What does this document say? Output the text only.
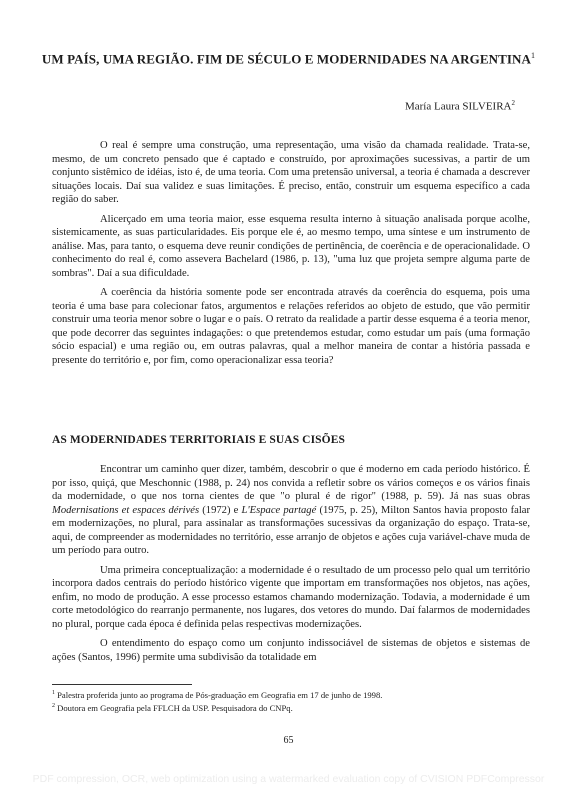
UM PAÍS, UMA REGIÃO. FIM DE SÉCULO E MODERNIDADES NA ARGENTINA$^1$
María Laura SILVEIRA$^2$

O real é sempre uma construção, uma representação, uma visão da chamada realidade. Trata-se, mesmo, de um concreto pensado que é captado e construído, por aproximações sucessivas, a partir de um conjunto sistêmico de idéias, isto é, de uma teoria. Com uma pretensão universal, a teoria é chamada a descrever situações locais. Daí sua validez e suas limitações. É preciso, então, construir um esquema específico a cada região do saber.

Alicerçado em uma teoria maior, esse esquema resulta interno à situação analisada porque acolhe, sistemicamente, as suas particularidades. Eis porque ele é, ao mesmo tempo, uma síntese e um instrumento de análise. Mas, para tanto, o esquema deve reunir condições de pertinência, de coerência e de operacionalidade. O conhecimento do real é, como assevera Bachelard (1986, p. 13), "uma luz que projeta sempre alguma parte de sombras". Daí a sua dificuldade.

A coerência da história somente pode ser encontrada através da coerência do esquema, pois uma teoria é uma base para colecionar fatos, argumentos e relações referidos ao objeto de estudo, que vão permitir construir uma teoria menor sobre o lugar e o país. O retrato da realidade a partir desse esquema é a teoria menor, que pode decorrer das seguintes indagações: o que pretendemos estudar, como estudar um país (uma formação sócio espacial) e uma região ou, em outras palavras, qual a melhor maneira de contar a história passada e presente do território e, por fim, como operacionalizar essa teoria?

AS MODERNIDADES TERRITORIAIS E SUAS CISÕES

Encontrar um caminho quer dizer, também, descobrir o que é moderno em cada período histórico. É por isso, quiçá, que Meschonnic (1988, p. 24) nos convida a refletir sobre os vários começos e os vários finais da modernidade, o que nos torna cientes de que "o plural é de rigor" (1988, p. 59). Já nas suas obras Modernisations et espaces dérivés (1972) e L'Espace partagé (1975, p. 25), Milton Santos havia proposto falar em modernizações, no plural, para assinalar as transformações sucessivas da organização do espaço. Trata-se, aqui, de compreender as modernidades no território, esse arranjo de objetos e ações cuja variável-chave muda de um período para outro.

Uma primeira conceptualização: a modernidade é o resultado de um processo pelo qual um território incorpora dados centrais do período histórico vigente que importam em transformações nos objetos, nas ações, enfim, no modo de produção. A esse processo estamos chamando modernização. Todavia, a modernidade é um corte metodológico do rearranjo permanente, nos lugares, dos vetores do mundo. Daí falarmos de modernidades no plural, porque cada época é definida pelas respectivas modernizações.

O entendimento do espaço como um conjunto indissociável de sistemas de objetos e sistemas de ações (Santos, 1996) permite uma subdivisão da totalidade em

$^1$ Palestra proferida junto ao programa de Pós-graduação em Geografia em 17 de junho de 1998.
$^2$ Doutora em Geografia pela FFLCH da USP. Pesquisadora do CNPq.
65
PDF compression, OCR, web optimization using a watermarked evaluation copy of CVISION PDFCompressor
